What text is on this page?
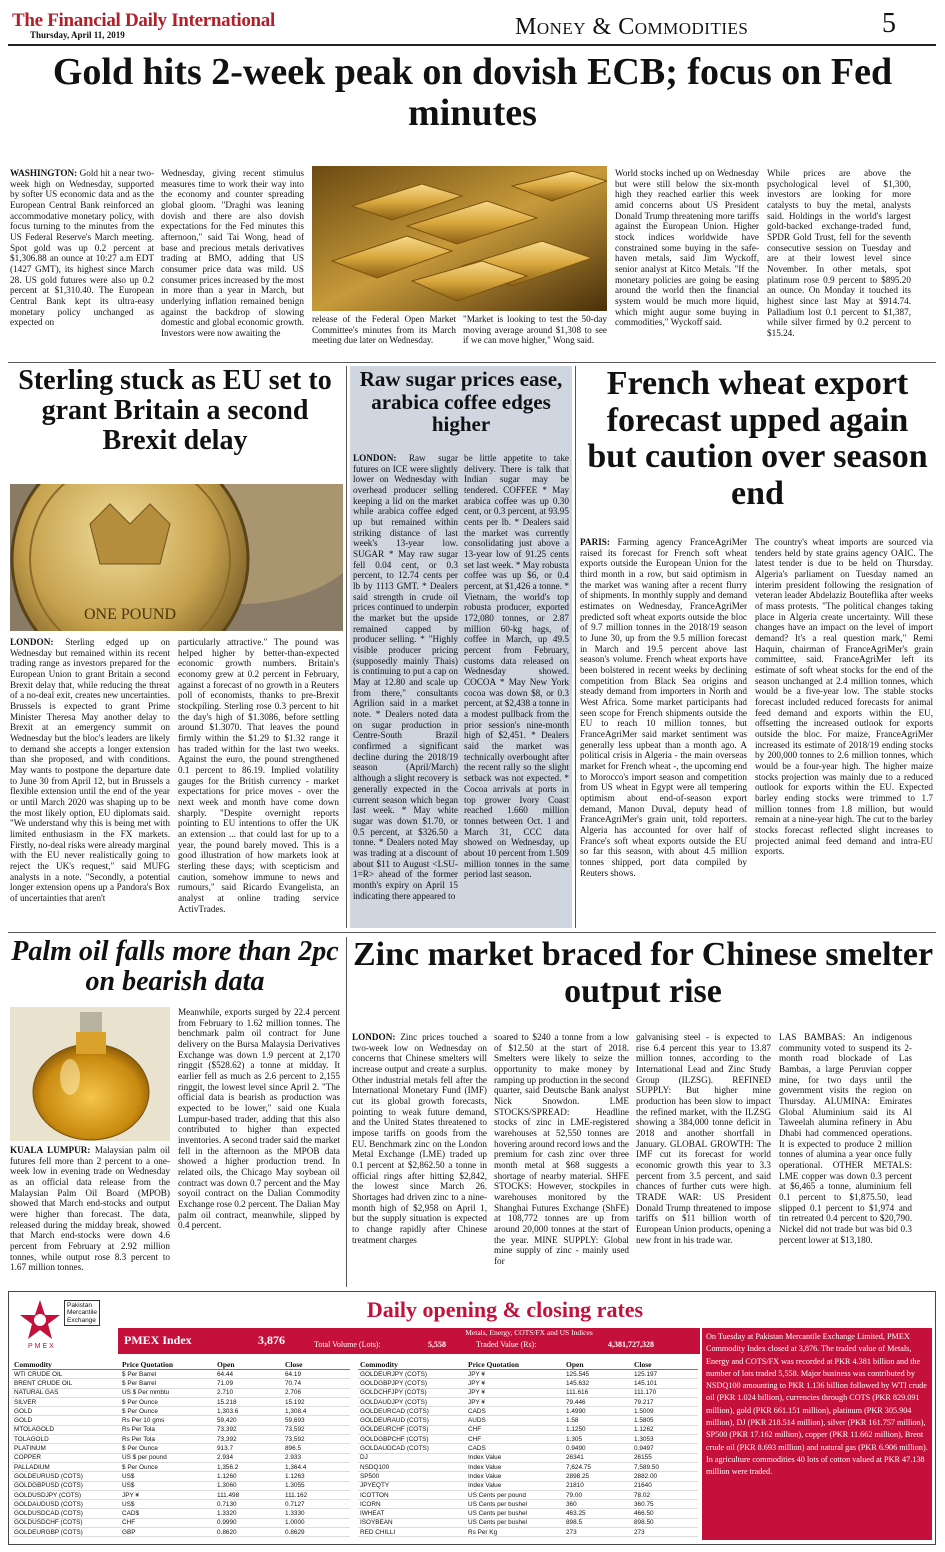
The Financial Daily International
Thursday, April 11, 2019	Money & Commodities	5
Gold hits 2-week peak on dovish ECB; focus on Fed minutes
WASHINGTON: Gold hit a near two-week high on Wednesday, supported by softer US economic data and as the European Central Bank reinforced an accommodative monetary policy, with focus turning to the minutes from the US Federal Reserve's March meeting. Spot gold was up 0.2 percent at $1,306.88 an ounce at 10:27 a.m EDT (1427 GMT), its highest since March 28. US gold futures were also up 0.2 percent at $1,310.40. The European Central Bank kept its ultra-easy monetary policy unchanged as expected on
Wednesday, giving recent stimulus measures time to work their way into the economy and counter spreading global gloom. "Draghi was leaning dovish and there are also dovish expectations for the Fed minutes this afternoon," said Tai Wong, head of base and precious metals derivatives trading at BMO, adding that US consumer price data was mild. US consumer prices increased by the most in more than a year in March, but underlying inflation remained benign against the backdrop of slowing domestic and global economic growth. Investors were now awaiting the
release of the Federal Open Market Committee's minutes from its March meeting due later on Wednesday.
"Market is looking to test the 50-day moving average around $1,308 to see if we can move higher," Wong said.
World stocks inched up on Wednesday but were still below the six-month high they reached earlier this week amid concerns about US President Donald Trump threatening more tariffs against the European Union. Higher stock indices worldwide have constrained some buying in the safe-haven metals, said Jim Wyckoff, senior analyst at Kitco Metals. "If the monetary policies are going be easing around the world then the financial system would be much more liquid, which might augur some buying in commodities," Wyckoff said.
While prices are above the psychological level of $1,300, investors are looking for more catalysts to buy the metal, analysts said. Holdings in the world's largest gold-backed exchange-traded fund, SPDR Gold Trust, fell for the seventh consecutive session on Tuesday and are at their lowest level since November. In other metals, spot platinum rose 0.9 percent to $895.20 an ounce. On Monday it touched its highest since last May at $914.74. Palladium lost 0.1 percent to $1,387, while silver firmed by 0.2 percent to $15.24.
Sterling stuck as EU set to grant Britain a second Brexit delay
ONE POUND
LONDON: Sterling edged up on Wednesday but remained within its recent trading range as investors prepared for the European Union to grant Britain a second Brexit delay that, while reducing the threat of a no-deal exit, creates new uncertainties. Brussels is expected to grant Prime Minister Theresa May another delay to Brexit at an emergency summit on Wednesday but the bloc's leaders are likely to demand she accepts a longer extension than she proposed, and with conditions. May wants to postpone the departure date to June 30 from April 12, but in Brussels a flexible extension until the end of the year or until March 2020 was shaping up to be the most likely option, EU diplomats said. "We understand why this is being met with limited enthusiasm in the FX markets. Firstly, no-deal risks were already marginal with the EU never realistically going to reject the UK's request," said MUFG analysts in a note. "Secondly, a potential longer extension opens up a Pandora's Box of uncertainties that aren't
particularly attractive." The pound was helped higher by better-than-expected economic growth numbers. Britain's economy grew at 0.2 percent in February, against a forecast of no growth in a Reuters poll of economists, thanks to pre-Brexit stockpiling. Sterling rose 0.3 percent to hit the day's high of $1.3086, before settling around $1.3070. That leaves the pound firmly within the $1.29 to $1.32 range it has traded within for the last two weeks. Against the euro, the pound strengthened 0.1 percent to 86.19. Implied volatility gauges for the British currency - market expectations for price moves - over the next week and month have come down sharply. "Despite overnight reports pointing to EU intentions to offer the UK an extension ... that could last for up to a year, the pound barely moved. This is a good illustration of how markets look at sterling these days; with scepticism and caution, somehow immune to news and rumours," said Ricardo Evangelista, an analyst at online trading service ActivTrades.
Raw sugar prices ease, arabica coffee edges higher
LONDON: Raw sugar futures on ICE were slightly lower on Wednesday with overhead producer selling keeping a lid on the market while arabica coffee edged up but remained within striking distance of last week's 13-year low. SUGAR * May raw sugar fell 0.04 cent, or 0.3 percent, to 12.74 cents per lb by 1113 GMT. * Dealers said strength in crude oil prices continued to underpin the market but the upside remained capped by producer selling. * "Highly visible producer pricing (supposedly mainly Thais) is continuing to put a cap on May at 12.80 and scale up from there," consultants Agrilion said in a market note. * Dealers noted data on sugar production in Centre-South Brazil confirmed a significant decline during the 2018/19 season (April/March) although a slight recovery is generally expected in the current season which began last week. * May white sugar was down $1.70, or 0.5 percent, at $326.50 a tonne. * Dealers noted May was trading at a discount of about $11 to August <LSU-1=R> ahead of the former month's expiry on April 15 indicating there appeared to
be little appetite to take delivery. There is talk that Indian sugar may be tendered. COFFEE * May arabica coffee was up 0.30 cent, or 0.3 percent, at 93.95 cents per lb. * Dealers said the market was currently consolidating just above a 13-year low of 91.25 cents set last week. * May robusta coffee was up $6, or 0.4 percent, at $1,426 a tonne. * Vietnam, the world's top robusta producer, exported 172,080 tonnes, or 2.87 million 60-kg bags, of coffee in March, up 49.5 percent from February, customs data released on Wednesday showed. COCOA * May New York cocoa was down $8, or 0.3 percent, at $2,438 a tonne in a modest pullback from the prior session's nine-month high of $2,451. * Dealers said the market was technically overbought after the recent rally so the slight setback was not expected. * Cocoa arrivals at ports in top grower Ivory Coast reached 1.660 million tonnes between Oct. 1 and March 31, CCC data showed on Wednesday, up about 10 percent from 1.509 million tonnes in the same period last season.
French wheat export forecast upped again but caution over season end
PARIS: Farming agency FranceAgriMer raised its forecast for French soft wheat exports outside the European Union for the third month in a row, but said optimism in the market was waning after a recent flurry of shipments. In monthly supply and demand estimates on Wednesday, FranceAgriMer predicted soft wheat exports outside the bloc of 9.7 million tonnes in the 2018/19 season to June 30, up from the 9.5 million forecast in March and 19.5 percent above last season's volume. French wheat exports have been bolstered in recent weeks by declining competition from Black Sea origins and steady demand from importers in North and West Africa. Some market participants had seen scope for French shipments outside the EU to reach 10 million tonnes, but FranceAgriMer said market sentiment was generally less upbeat than a month ago. A political crisis in Algeria - the main overseas market for French wheat -, the upcoming end to Morocco's import season and competition from US wheat in Egypt were all tempering optimism about end-of-season export demand, Manon Duval, deputy head of FranceAgriMer's grain unit, told reporters. Algeria has accounted for over half of France's soft wheat exports outside the EU so far this season, with about 4.5 million tonnes shipped, port data compiled by Reuters shows.
The country's wheat imports are sourced via tenders held by state grains agency OAIC. The latest tender is due to be held on Thursday. Algeria's parliament on Tuesday named an interim president following the resignation of veteran leader Abdelaziz Bouteflika after weeks of mass protests. "The political changes taking place in Algeria create uncertainty. Will these changes have an impact on the level of import demand? It's a real question mark," Remi Haquin, chairman of FranceAgriMer's grain committee, said. FranceAgriMer left its estimate of soft wheat stocks for the end of the season unchanged at 2.4 million tonnes, which would be a five-year low. The stable stocks forecast included reduced forecasts for animal feed demand and exports within the EU, offsetting the increased outlook for exports outside the bloc. For maize, FranceAgriMer increased its estimate of 2018/19 ending stocks by 200,000 tonnes to 2.6 million tonnes, which would be a four-year high. The higher maize stocks projection was mainly due to a reduced outlook for exports within the EU. Expected barley ending stocks were trimmed to 1.7 million tonnes from 1.8 million, but would remain at a nine-year high. The cut to the barley stocks forecast reflected slight increases to projected animal feed demand and intra-EU exports.
Palm oil falls more than 2pc on bearish data
KUALA LUMPUR: Malaysian palm oil futures fell more than 2 percent to a one-week low in evening trade on Wednesday as an official data release from the Malaysian Palm Oil Board (MPOB) showed that March end-stocks and output were higher than forecast. The data, released during the midday break, showed that March end-stocks were down 4.6 percent from February at 2.92 million tonnes, while output rose 8.3 percent to 1.67 million tonnes.
Meanwhile, exports surged by 22.4 percent from February to 1.62 million tonnes. The benchmark palm oil contract for June delivery on the Bursa Malaysia Derivatives Exchange was down 1.9 percent at 2,170 ringgit ($528.62) a tonne at midday. It earlier fell as much as 2.6 percent to 2,155 ringgit, the lowest level since April 2. "The official data is bearish as production was expected to be lower," said one Kuala Lumpur-based trader, adding that this also contributed to higher than expected inventories. A second trader said the market fell in the afternoon as the MPOB data showed a higher production trend. In related oils, the Chicago May soybean oil contract was down 0.7 percent and the May soyoil contract on the Dalian Commodity Exchange rose 0.2 percent. The Dalian May palm oil contract, meanwhile, slipped by 0.4 percent.
Zinc market braced for Chinese smelter output rise
LONDON: Zinc prices touched a two-week low on Wednesday on concerns that Chinese smelters will increase output and create a surplus. Other industrial metals fell after the International Monetary Fund (IMF) cut its global growth forecasts, pointing to weak future demand, and the United States threatened to impose tariffs on goods from the EU. Benchmark zinc on the London Metal Exchange (LME) traded up 0.1 percent at $2,862.50 a tonne in official rings after hitting $2,842, the lowest since March 26. Shortages had driven zinc to a nine-month high of $2,958 on April 1, but the supply situation is expected to change rapidly after Chinese treatment charges
soared to $240 a tonne from a low of $12.50 at the start of 2018. Smelters were likely to seize the opportunity to make money by ramping up production in the second quarter, said Deutsche Bank analyst Nick Snowdon. LME STOCKS/SPREAD: Headline stocks of zinc in LME-registered warehouses at 52,550 tonnes are hovering around record lows and the premium for cash zinc over three month metal at $68 suggests a shortage of nearby material. SHFE STOCKS: However, stockpiles in warehouses monitored by the Shanghai Futures Exchange (ShFE) at 108,772 tonnes are up from around 20,000 tonnes at the start of the year. MINE SUPPLY: Global mine supply of zinc - mainly used for
galvanising steel - is expected to rise 6.4 percent this year to 13.87 million tonnes, according to the International Lead and Zinc Study Group (ILZSG). REFINED SUPPLY: But higher mine production has been slow to impact the refined market, with the ILZSG showing a 384,000 tonne deficit in 2018 and another shortfall in January. GLOBAL GROWTH: The IMF cut its forecast for world economic growth this year to 3.3 percent from 3.5 percent, and said chances of further cuts were high. TRADE WAR: US President Donald Trump threatened to impose tariffs on $11 billion worth of European Union products, opening a new front in his trade war.
LAS BAMBAS: An indigenous community voted to suspend its 2-month road blockade of Las Bambas, a large Peruvian copper mine, for two days until the government visits the region on Thursday. ALUMINA: Emirates Global Aluminium said its Al Taweelah alumina refinery in Abu Dhabi had commenced operations. It is expected to produce 2 million tonnes of alumina a year once fully operational. OTHER METALS: LME copper was down 0.3 percent at $6,465 a tonne, aluminium fell 0.1 percent to $1,875.50, lead slipped 0.1 percent to $1,974 and tin retreated 0.4 percent to $20,790. Nickel did not trade but was bid 0.3 percent lower at $13,180.
Pakistan
Mercantile
Exchange
PMEX
Daily opening & closing rates
PMEX Index	3,876
Metals, Energy, COTS/FX and US Indices
Total Volume (Lots):	5,558	Traded Value (Rs):	4,381,727,328
Commodity	Price Quotation	Open	Close
WTI CRUDE OIL	$ Per Barrel	64.44	64.19
BRENT CRUDE OIL	$ Per Barrel	71.09	70.74
NATURAL GAS	US $ Per mmbtu	2.710	2.706
SILVER	$ Per Ounce	15.218	15.192
GOLD	$ Per Ounce	1,303.6	1,308.4
GOLD	Rs Per 10 gms	59,420	59,693
MTOLAGOLD	Rs Per Tola	73,392	73,592
TOLAGOLD	Rs Per Tola	73,392	73,592
PLATINUM	$ Per Ounce	913.7	896.5
COPPER	US $ per pound	2.934	2.933
PALLADIUM	$ Per Ounce	1,356.2	1,364.4
GOLDEURUSD (COTS)	US$	1.1260	1.1263
GOLDGBPUSD (COTS)	US$	1.3060	1.3055
GOLDUSDJPY (COTS)	JPY ¥	111.498	111.162
GOLDAUDUSD (COTS)	US$	0.7130	0.7127
GOLDUSDCAD (COTS)	CAD$	1.3320	1.3330
GOLDUSDCHF (COTS)	CHF	0.9990	1.0000
GOLDEURGBP (COTS)	GBP	0.8620	0.8629
Commodity	Price Quotation	Open	Close
GOLDEURJPY (COTS)	JPY ¥	125.545	125.197
GOLDGBPJPY (COTS)	JPY ¥	145.632	145.101
GOLDCHFJPY (COTS)	JPY ¥	111.616	111.170
GOLDAUDJPY (COTS)	JPY ¥	79.446	79.217
GOLDEURCAD (COTS)	CADS	1.4990	1.5009
GOLDEURAUD (COTS)	AUDS	1.58	1.5805
GOLDEURCHF (COTS)	CHF	1.1250	1.1262
GOLDGBPCHF (COTS)	CHF	1.305	1.3053
GOLDAUDCAD (COTS)	CADS	0.9490	0.9497
DJ	Index Value	26341	26155
NSDQ100	Index Value	7,624.75	7,589.50
SP500	Index Value	2898.25	2882.00
JPYEQTY	Index Value	21810	21640
ICOTTON	US Cents per pound	79.00	78.02
ICORN	US Cents per bushel	360	360.75
IWHEAT	US Cents per bushel	463.25	466.50
ISOYBEAN	US Cents per bushel	898.5	898.50
RED CHILLI	Rs Per Kg	273	273
On Tuesday at Pakistan Mercantile Exchange Limited, PMEX Commodity Index closed at 3,876. The traded value of Metals, Energy and COTS/FX was recorded at PKR 4.381 billion and the number of lots traded 5,558. Major business was contributed by NSDQ100 amounting to PKR 1.136 billion followed by WTI crude oil (PKR 1.024 billion), currencies through COTS (PKR 829.091 million), gold (PKR 661.151 million), platinum (PKR 305.904 million), DJ (PKR 218.514 million), silver (PKR 161.757 million), SP500 (PKR 17.162 million), copper (PKR 11.662 million), Brent crude oil (PKR 8.693 million) and natural gas (PKR 6.906 million). In agriculture commodities 40 lots of cotton valued at PKR 47.138 million were traded.
